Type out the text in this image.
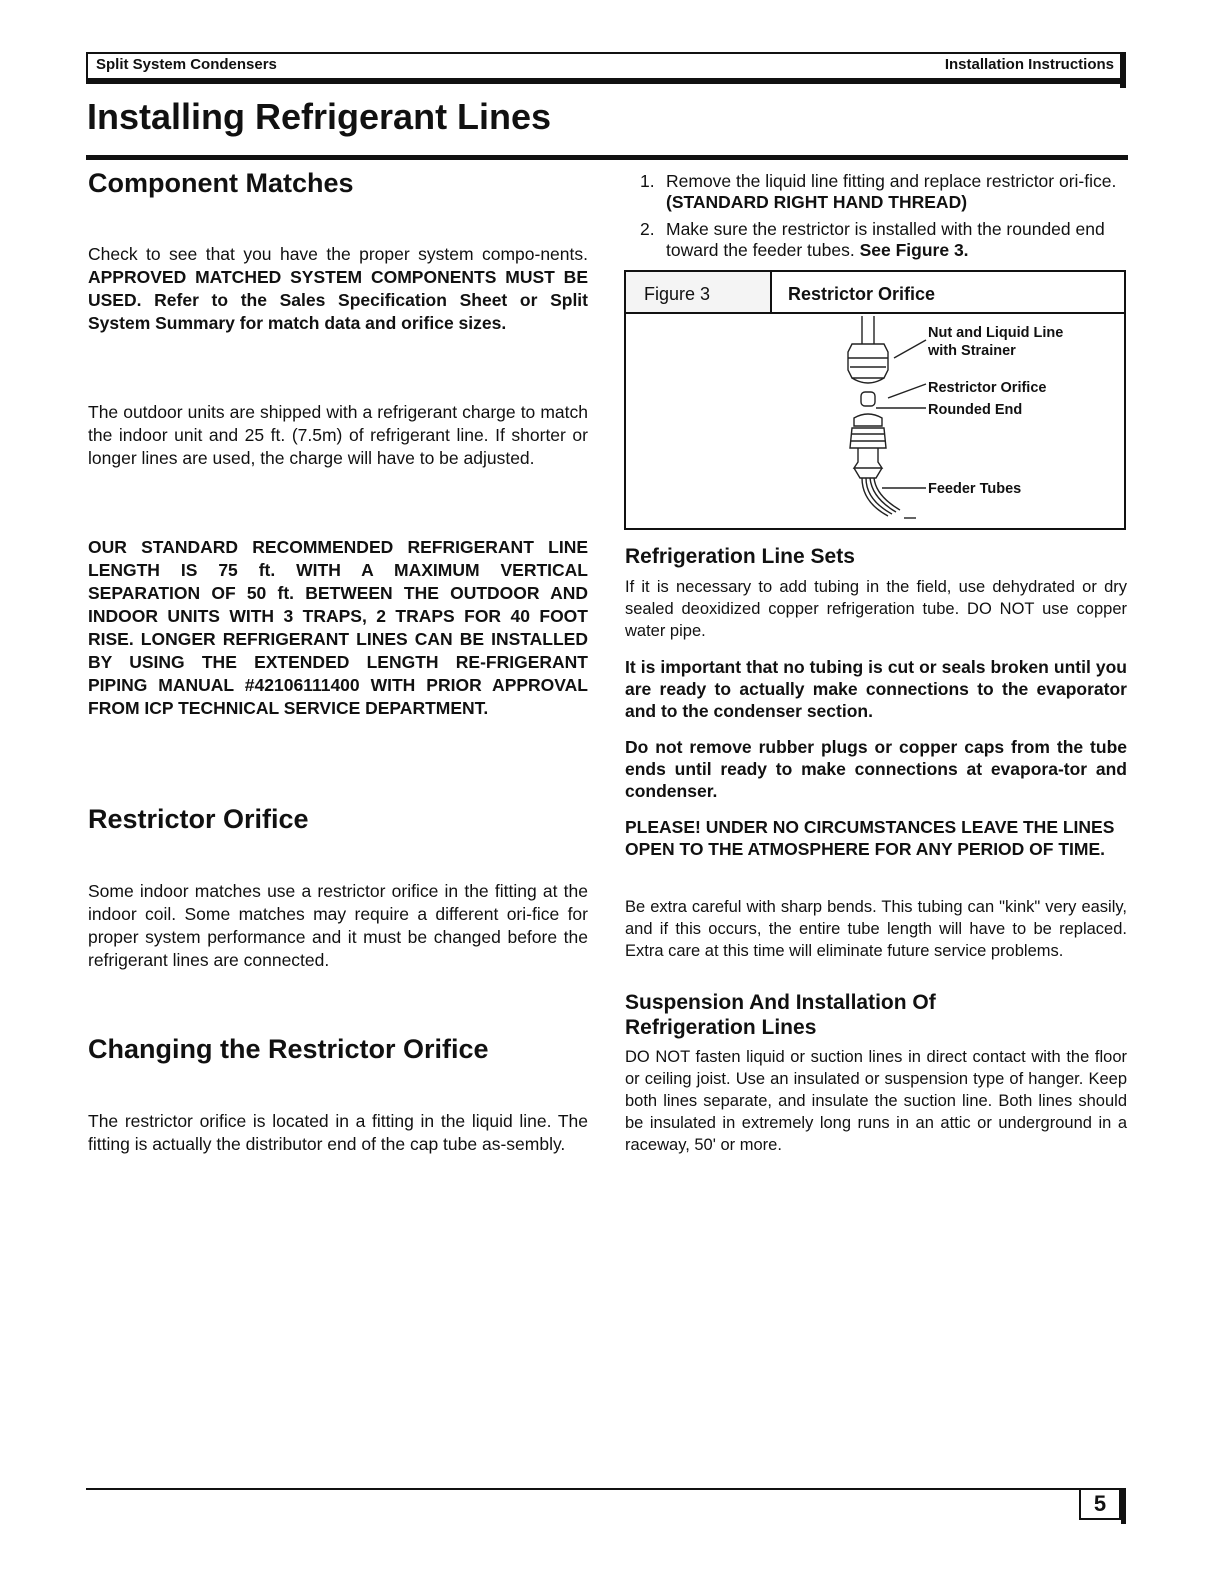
Split System Condensers	Installation Instructions
Installing Refrigerant Lines
Component Matches

Check to see that you have the proper system compo-nents. APPROVED MATCHED SYSTEM COMPONENTS MUST BE USED. Refer to the Sales Specification Sheet or Split System Summary for match data and orifice sizes.

The outdoor units are shipped with a refrigerant charge to match the indoor unit and 25 ft. (7.5m) of refrigerant line. If shorter or longer lines are used, the charge will have to be adjusted.

OUR STANDARD RECOMMENDED REFRIGERANT LINE LENGTH IS 75 ft. WITH A MAXIMUM VERTICAL SEPARATION OF 50 ft. BETWEEN THE OUTDOOR AND INDOOR UNITS WITH 3 TRAPS, 2 TRAPS FOR 40 FOOT RISE. LONGER REFRIGERANT LINES CAN BE INSTALLED BY USING THE EXTENDED LENGTH RE-FRIGERANT PIPING MANUAL #42106111400 WITH PRIOR APPROVAL FROM ICP TECHNICAL SERVICE DEPARTMENT.

Restrictor Orifice

Some indoor matches use a restrictor orifice in the fitting at the indoor coil. Some matches may require a different ori-fice for proper system performance and it must be changed before the refrigerant lines are connected.

Changing the Restrictor Orifice

The restrictor orifice is located in a fitting in the liquid line. The fitting is actually the distributor end of the cap tube as-sembly.

1. Remove the liquid line fitting and replace restrictor ori-fice. (STANDARD RIGHT HAND THREAD)
2. Make sure the restrictor is installed with the rounded end toward the feeder tubes. See Figure 3.
Figure 3	Restrictor Orifice
Nut and Liquid Line
with Strainer
Restrictor Orifice
Rounded End
Feeder Tubes
Refrigeration Line Sets

If it is necessary to add tubing in the field, use dehydrated or dry sealed deoxidized copper refrigeration tube. DO NOT use copper water pipe.

It is important that no tubing is cut or seals broken until you are ready to actually make connections to the evaporator and to the condenser section.

Do not remove rubber plugs or copper caps from the tube ends until ready to make connections at evapora-tor and condenser.

PLEASE! UNDER NO CIRCUMSTANCES LEAVE THE LINES OPEN TO THE ATMOSPHERE FOR ANY PERIOD OF TIME.

Be extra careful with sharp bends. This tubing can "kink" very easily, and if this occurs, the entire tube length will have to be replaced. Extra care at this time will eliminate future service problems.

Suspension And Installation Of
Refrigeration Lines

DO NOT fasten liquid or suction lines in direct contact with the floor or ceiling joist. Use an insulated or suspension type of hanger. Keep both lines separate, and insulate the suction line. Both lines should be insulated in extremely long runs in an attic or underground in a raceway, 50' or more.

5
